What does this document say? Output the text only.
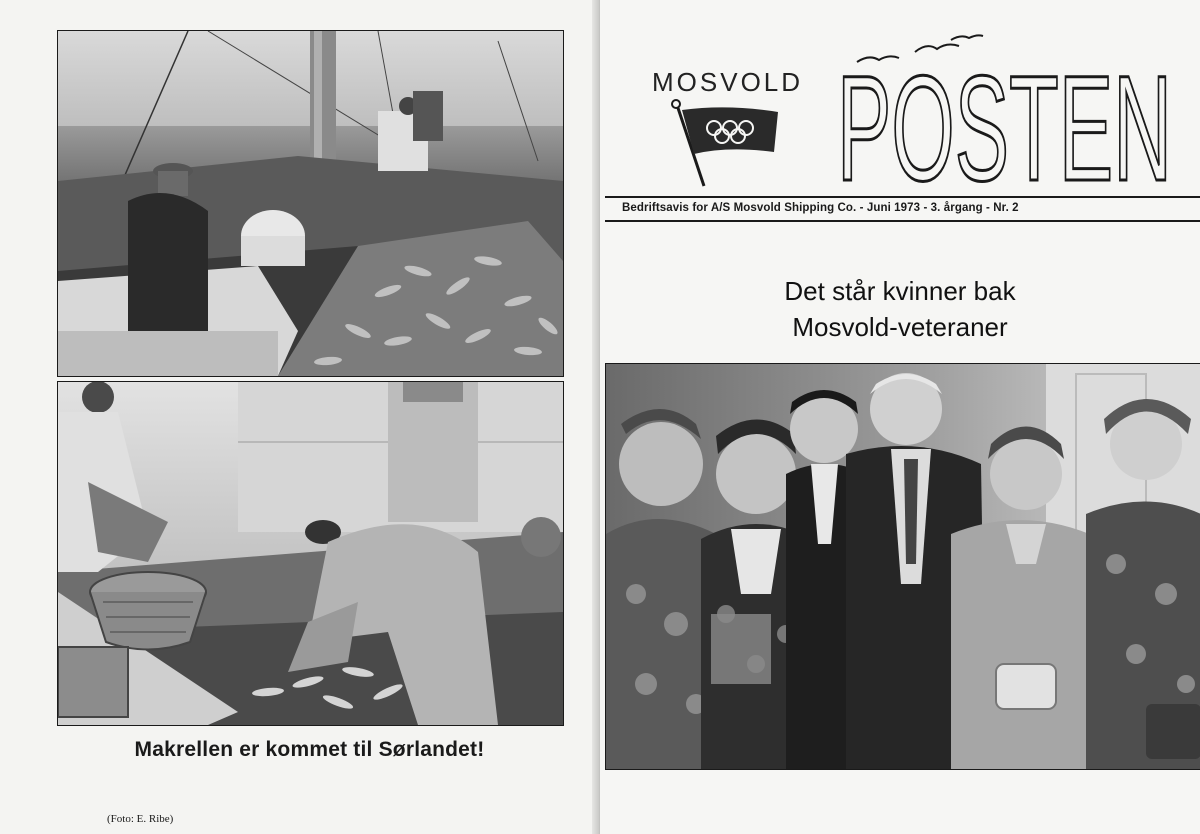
Makrellen er kommet til Sørlandet!
(Foto: E. Ribe)
MOSVOLD POSTEN
Bedriftsavis for A/S Mosvold Shipping Co. - Juni 1973 - 3. årgang - Nr. 2
Det står kvinner bak
Mosvold-veteraner
